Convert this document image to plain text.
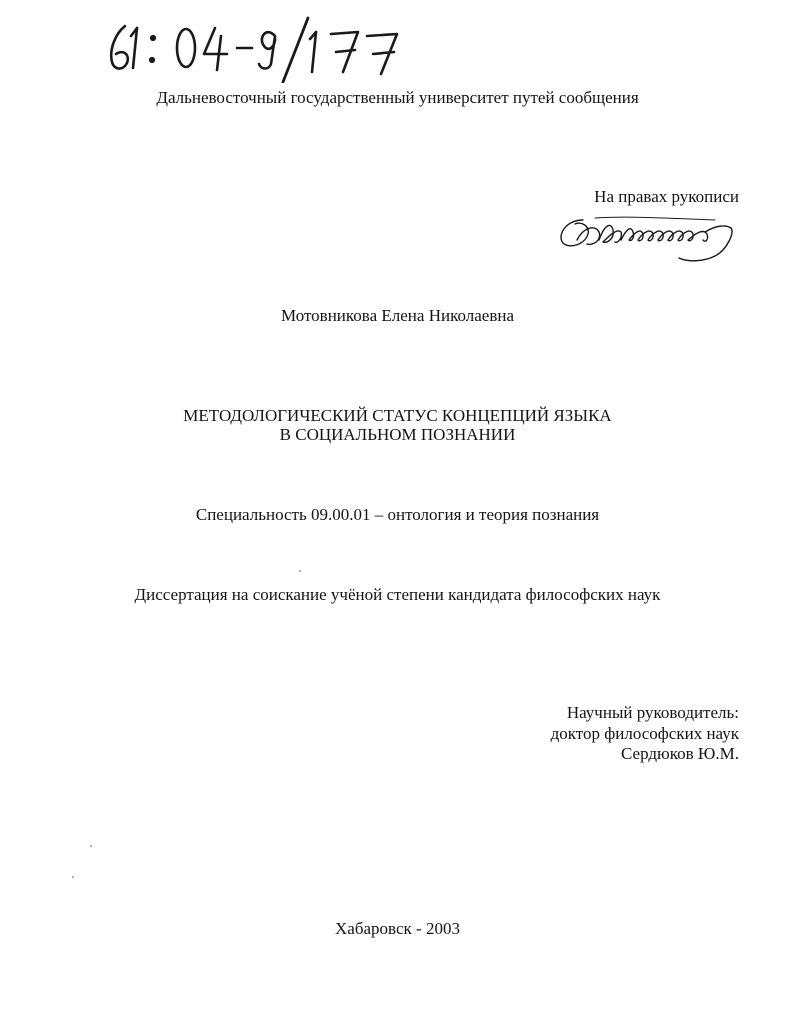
Дальневосточный государственный университет путей сообщения
На правах рукописи
Мотовникова Елена Николаевна
МЕТОДОЛОГИЧЕСКИЙ СТАТУС КОНЦЕПЦИЙ ЯЗЫКА
В СОЦИАЛЬНОМ ПОЗНАНИИ
Специальность 09.00.01 – онтология и теория познания
Диссертация на соискание учёной степени кандидата философских наук
Научный руководитель:
доктор философских наук
Сердюков Ю.М.
Хабаровск - 2003
